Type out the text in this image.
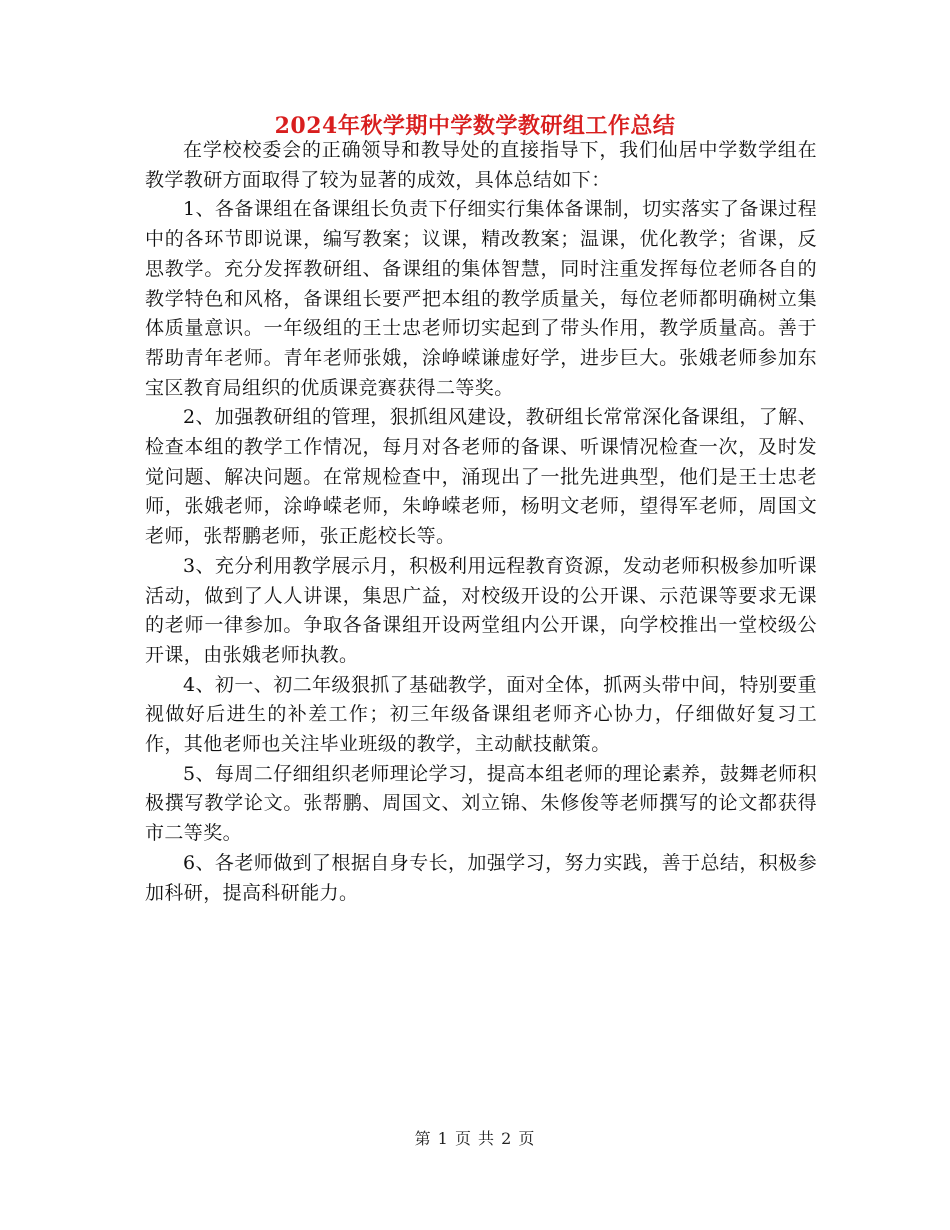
2024年秋学期中学数学教研组工作总结

在学校校委会的正确领导和教导处的直接指导下，我们仙居中学数学组在教学教研方面取得了较为显著的成效，具体总结如下：

1、各备课组在备课组长负责下仔细实行集体备课制，切实落实了备课过程中的各环节即说课，编写教案；议课，精改教案；温课，优化教学；省课，反思教学。充分发挥教研组、备课组的集体智慧，同时注重发挥每位老师各自的教学特色和风格，备课组长要严把本组的教学质量关，每位老师都明确树立集体质量意识。一年级组的王士忠老师切实起到了带头作用，教学质量高。善于帮助青年老师。青年老师张娥，涂峥嵘谦虚好学，进步巨大。张娥老师参加东宝区教育局组织的优质课竞赛获得二等奖。

2、加强教研组的管理，狠抓组风建设，教研组长常常深化备课组，了解、检查本组的教学工作情况，每月对各老师的备课、听课情况检查一次，及时发觉问题、解决问题。在常规检查中，涌现出了一批先进典型，他们是王士忠老师，张娥老师，涂峥嵘老师，朱峥嵘老师，杨明文老师，望得军老师，周国文老师，张帮鹏老师，张正彪校长等。

3、充分利用教学展示月，积极利用远程教育资源，发动老师积极参加听课活动，做到了人人讲课，集思广益，对校级开设的公开课、示范课等要求无课的老师一律参加。争取各备课组开设两堂组内公开课，向学校推出一堂校级公开课，由张娥老师执教。

4、初一、初二年级狠抓了基础教学，面对全体，抓两头带中间，特别要重视做好后进生的补差工作；初三年级备课组老师齐心协力，仔细做好复习工作，其他老师也关注毕业班级的教学，主动献技献策。

5、每周二仔细组织老师理论学习，提高本组老师的理论素养，鼓舞老师积极撰写教学论文。张帮鹏、周国文、刘立锦、朱修俊等老师撰写的论文都获得市二等奖。

6、各老师做到了根据自身专长，加强学习，努力实践，善于总结，积极参加科研，提高科研能力。

第 1 页 共 2 页
